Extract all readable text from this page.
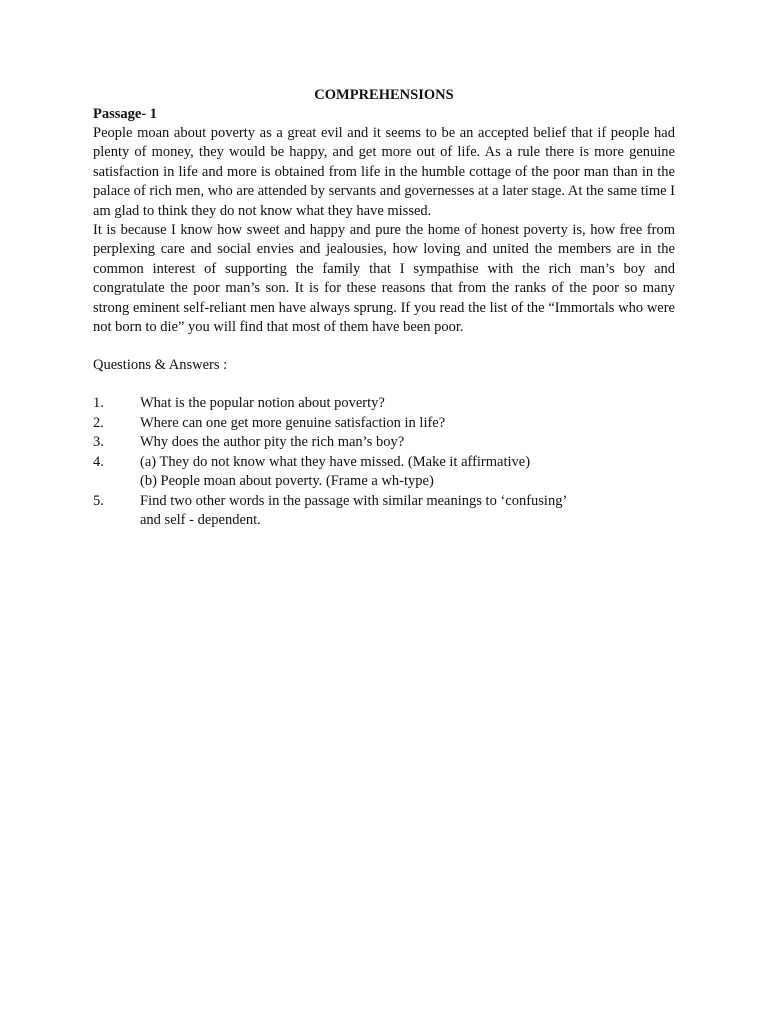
COMPREHENSIONS

Passage- 1

People moan about poverty as a great evil and it seems to be an accepted belief that if people had plenty of money, they would be happy, and get more out of life. As a rule there is more genuine satisfaction in life and more is obtained from life in the humble cottage of the poor man than in the palace of rich men, who are attended by servants and governesses at a later stage. At the same time I am glad to think they do not know what they have missed.

It is because I know how sweet and happy and pure the home of honest poverty is, how free from perplexing care and social envies and jealousies, how loving and united the members are in the common interest of supporting the family that I sympathise with the rich man’s boy and congratulate the poor man’s son. It is for these reasons that from the ranks of the poor so many strong eminent self-reliant men have always sprung. If you read the list of the “Immortals who were not born to die” you will find that most of them have been poor.

Questions & Answers :

1.	What is the popular notion about poverty?
2.	Where can one get more genuine satisfaction in life?
3.	Why does the author pity the rich man’s boy?
4.	(a) They do not know what they have missed. (Make it affirmative)
(b) People moan about poverty. (Frame a wh-type)
5.	Find two other words in the passage with similar meanings to ‘confusing’
and self - dependent.
